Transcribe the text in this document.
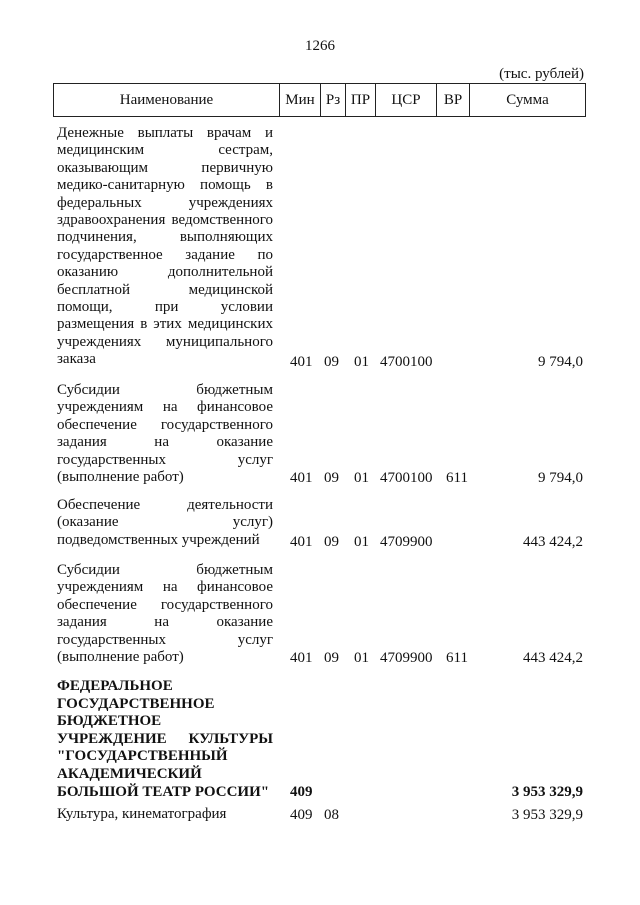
1266
(тыс. рублей)
Наименование	Мин Рз ПР	ЦСР	ВР	Сумма
Денежные выплаты врачам и медицинским сестрам, оказывающим первичную медико-санитарную помощь в федеральных учреждениях здравоохранения ведомственного подчинения, выполняющих государственное задание по оказанию дополнительной бесплатной медицинской помощи, при условии размещения в этих медицинских учреждениях муниципального заказа	401 09 01 4700100	9 794,0
Субсидии бюджетным учреждениям на финансовое обеспечение государственного задания на оказание государственных услуг (выполнение работ)	401 09 01 4700100 611	9 794,0
Обеспечение деятельности (оказание услуг) подведомственных учреждений	401 09 01 4709900	443 424,2
Субсидии бюджетным учреждениям на финансовое обеспечение государственного задания на оказание государственных услуг (выполнение работ)	401 09 01 4709900 611	443 424,2
ФЕДЕРАЛЬНОЕ ГОСУДАРСТВЕННОЕ БЮДЖЕТНОЕ УЧРЕЖДЕНИЕ КУЛЬТУРЫ "ГОСУДАРСТВЕННЫЙ АКАДЕМИЧЕСКИЙ БОЛЬШОЙ ТЕАТР РОССИИ" 409	3 953 329,9
Культура, кинематография	409 08	3 953 329,9
